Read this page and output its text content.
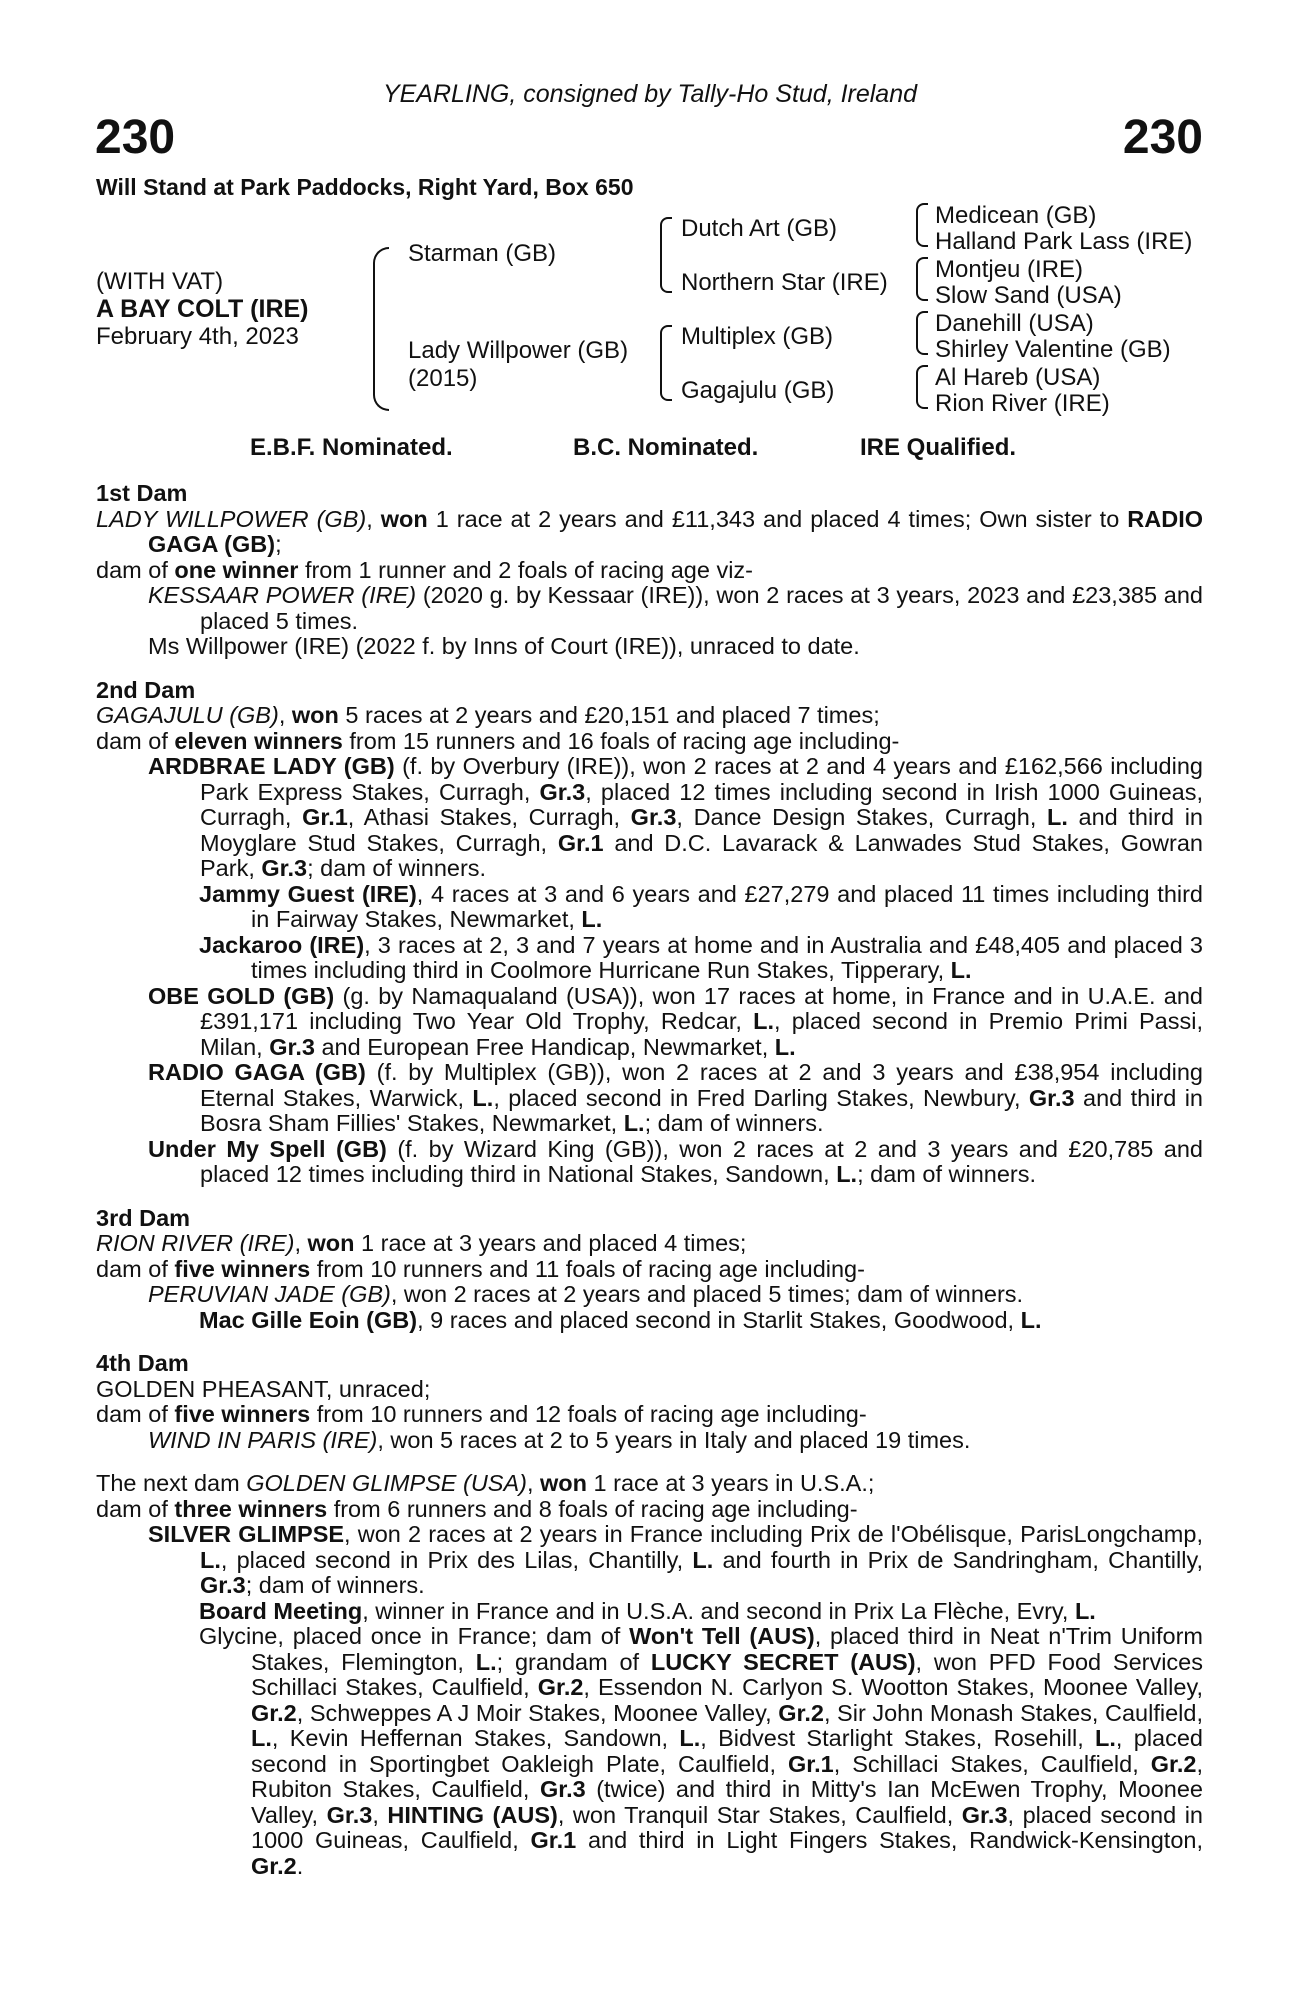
YEARLING, consigned by Tally-Ho Stud, Ireland
230	230
Will Stand at Park Paddocks, Right Yard, Box 650
(WITH VAT)
A BAY COLT (IRE)
February 4th, 2023
Starman (GB)
Lady Willpower (GB)
(2015)
Dutch Art (GB)
Northern Star (IRE)
Multiplex (GB)
Gagajulu (GB)
Medicean (GB)
Halland Park Lass (IRE)
Montjeu (IRE)
Slow Sand (USA)
Danehill (USA)
Shirley Valentine (GB)
Al Hareb (USA)
Rion River (IRE)
E.B.F. Nominated.	B.C. Nominated.	IRE Qualified.
1st Dam

LADY WILLPOWER (GB), won 1 race at 2 years and £11,343 and placed 4 times; Own sister to RADIO GAGA (GB);

dam of one winner from 1 runner and 2 foals of racing age viz-

KESSAAR POWER (IRE) (2020 g. by Kessaar (IRE)), won 2 races at 3 years, 2023 and £23,385 and placed 5 times.

Ms Willpower (IRE) (2022 f. by Inns of Court (IRE)), unraced to date.

2nd Dam

GAGAJULU (GB), won 5 races at 2 years and £20,151 and placed 7 times;

dam of eleven winners from 15 runners and 16 foals of racing age including-

ARDBRAE LADY (GB) (f. by Overbury (IRE)), won 2 races at 2 and 4 years and £162,566 including Park Express Stakes, Curragh, Gr.3, placed 12 times including second in Irish 1000 Guineas, Curragh, Gr.1, Athasi Stakes, Curragh, Gr.3, Dance Design Stakes, Curragh, L. and third in Moyglare Stud Stakes, Curragh, Gr.1 and D.C. Lavarack & Lanwades Stud Stakes, Gowran Park, Gr.3; dam of winners.

Jammy Guest (IRE), 4 races at 3 and 6 years and £27,279 and placed 11 times including third in Fairway Stakes, Newmarket, L.

Jackaroo (IRE), 3 races at 2, 3 and 7 years at home and in Australia and £48,405 and placed 3 times including third in Coolmore Hurricane Run Stakes, Tipperary, L.

OBE GOLD (GB) (g. by Namaqualand (USA)), won 17 races at home, in France and in U.A.E. and £391,171 including Two Year Old Trophy, Redcar, L., placed second in Premio Primi Passi, Milan, Gr.3 and European Free Handicap, Newmarket, L.

RADIO GAGA (GB) (f. by Multiplex (GB)), won 2 races at 2 and 3 years and £38,954 including Eternal Stakes, Warwick, L., placed second in Fred Darling Stakes, Newbury, Gr.3 and third in Bosra Sham Fillies' Stakes, Newmarket, L.; dam of winners.

Under My Spell (GB) (f. by Wizard King (GB)), won 2 races at 2 and 3 years and £20,785 and placed 12 times including third in National Stakes, Sandown, L.; dam of winners.

3rd Dam

RION RIVER (IRE), won 1 race at 3 years and placed 4 times;

dam of five winners from 10 runners and 11 foals of racing age including-

PERUVIAN JADE (GB), won 2 races at 2 years and placed 5 times; dam of winners.

Mac Gille Eoin (GB), 9 races and placed second in Starlit Stakes, Goodwood, L.

4th Dam

GOLDEN PHEASANT, unraced;

dam of five winners from 10 runners and 12 foals of racing age including-

WIND IN PARIS (IRE), won 5 races at 2 to 5 years in Italy and placed 19 times.

The next dam GOLDEN GLIMPSE (USA), won 1 race at 3 years in U.S.A.;

dam of three winners from 6 runners and 8 foals of racing age including-

SILVER GLIMPSE, won 2 races at 2 years in France including Prix de l'Obélisque, ParisLongchamp, L., placed second in Prix des Lilas, Chantilly, L. and fourth in Prix de Sandringham, Chantilly, Gr.3; dam of winners.

Board Meeting, winner in France and in U.S.A. and second in Prix La Flèche, Evry, L.

Glycine, placed once in France; dam of Won't Tell (AUS), placed third in Neat n'Trim Uniform Stakes, Flemington, L.; grandam of LUCKY SECRET (AUS), won PFD Food Services Schillaci Stakes, Caulfield, Gr.2, Essendon N. Carlyon S. Wootton Stakes, Moonee Valley, Gr.2, Schweppes A J Moir Stakes, Moonee Valley, Gr.2, Sir John Monash Stakes, Caulfield, L., Kevin Heffernan Stakes, Sandown, L., Bidvest Starlight Stakes, Rosehill, L., placed second in Sportingbet Oakleigh Plate, Caulfield, Gr.1, Schillaci Stakes, Caulfield, Gr.2, Rubiton Stakes, Caulfield, Gr.3 (twice) and third in Mitty's Ian McEwen Trophy, Moonee Valley, Gr.3, HINTING (AUS), won Tranquil Star Stakes, Caulfield, Gr.3, placed second in 1000 Guineas, Caulfield, Gr.1 and third in Light Fingers Stakes, Randwick-Kensington, Gr.2.
